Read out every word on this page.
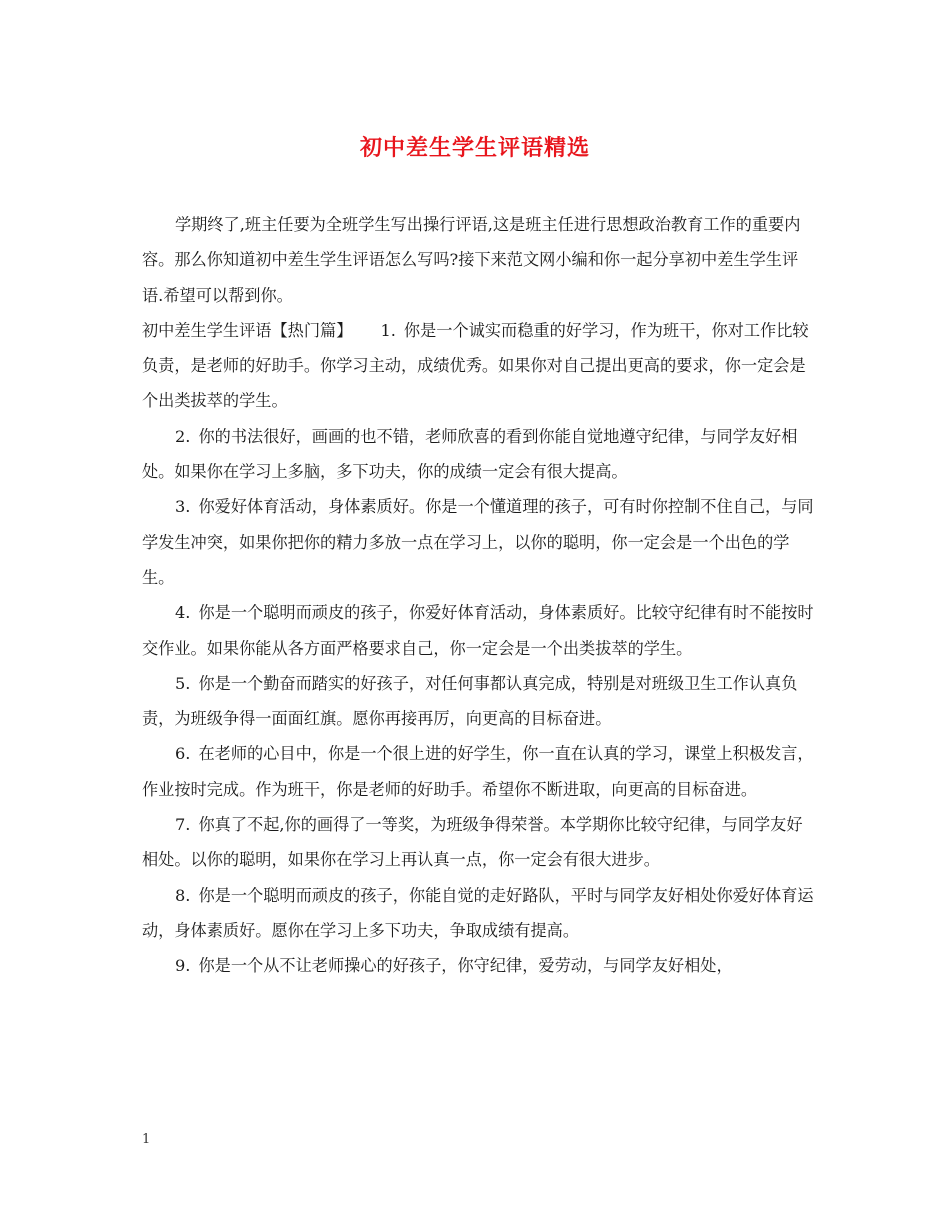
初中差生学生评语精选

学期终了,班主任要为全班学生写出操行评语,这是班主任进行思想政治教育工作的重要内容。那么你知道初中差生学生评语怎么写吗?接下来范文网小编和你一起分享初中差生学生评语.希望可以帮到你。

初中差生学生评语【热门篇】 1. 你是一个诚实而稳重的好学习，作为班干，你对工作比较负责，是老师的好助手。你学习主动，成绩优秀。如果你对自己提出更高的要求，你一定会是个出类拔萃的学生。

2. 你的书法很好，画画的也不错，老师欣喜的看到你能自觉地遵守纪律，与同学友好相处。如果你在学习上多脑，多下功夫，你的成绩一定会有很大提高。

3. 你爱好体育活动，身体素质好。你是一个懂道理的孩子，可有时你控制不住自己，与同学发生冲突，如果你把你的精力多放一点在学习上，以你的聪明，你一定会是一个出色的学生。

4. 你是一个聪明而顽皮的孩子，你爱好体育活动，身体素质好。比较守纪律有时不能按时交作业。如果你能从各方面严格要求自己，你一定会是一个出类拔萃的学生。

5. 你是一个勤奋而踏实的好孩子，对任何事都认真完成，特别是对班级卫生工作认真负责，为班级争得一面面红旗。愿你再接再厉，向更高的目标奋进。

6. 在老师的心目中，你是一个很上进的好学生，你一直在认真的学习，课堂上积极发言，作业按时完成。作为班干，你是老师的好助手。希望你不断进取，向更高的目标奋进。

7. 你真了不起,你的画得了一等奖，为班级争得荣誉。本学期你比较守纪律，与同学友好相处。以你的聪明，如果你在学习上再认真一点，你一定会有很大进步。

8. 你是一个聪明而顽皮的孩子，你能自觉的走好路队，平时与同学友好相处你爱好体育运动，身体素质好。愿你在学习上多下功夫，争取成绩有提高。

9. 你是一个从不让老师操心的好孩子，你守纪律，爱劳动，与同学友好相处，

1
